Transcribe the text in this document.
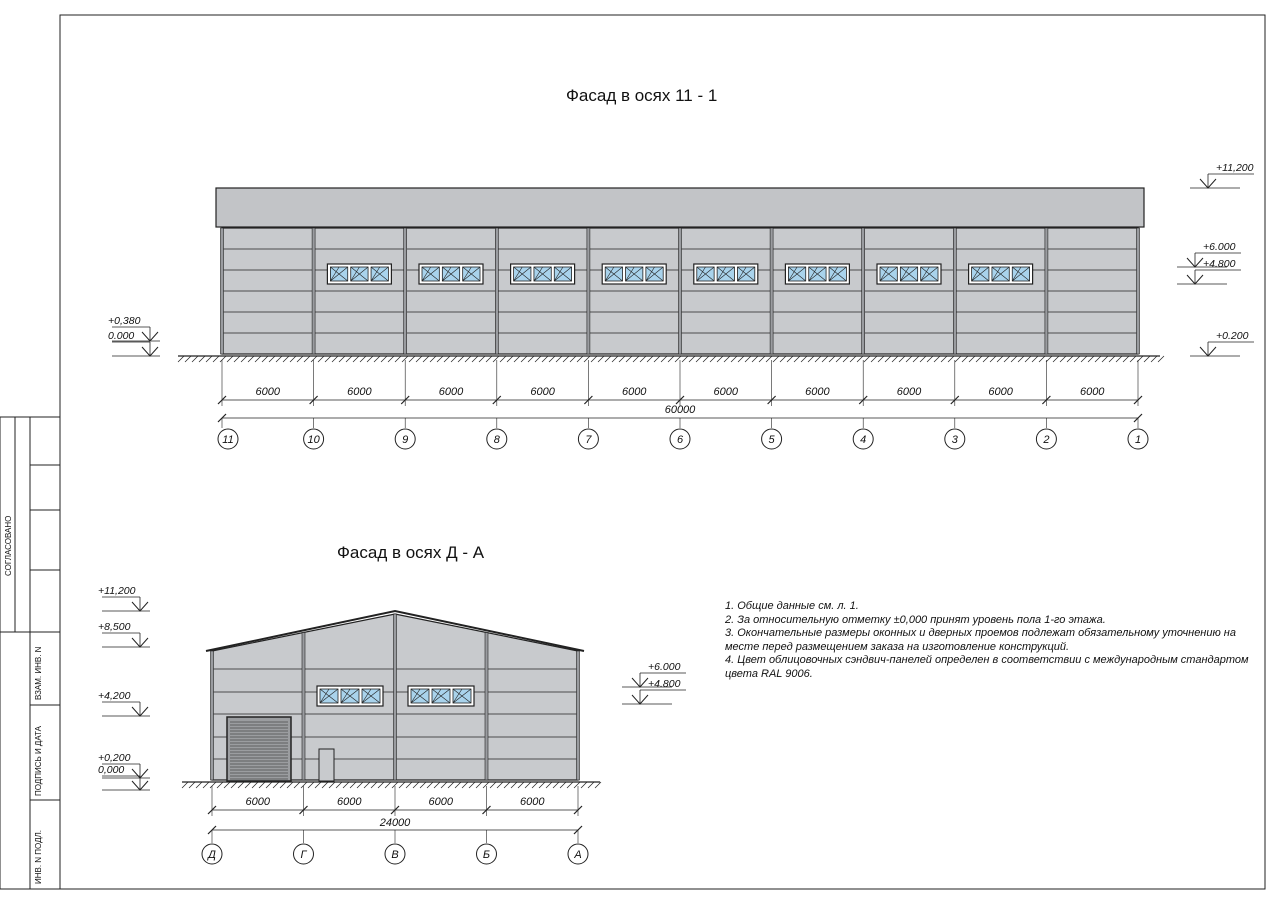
6000	6000	6000	6000	6000	6000	6000	6000	6000	6000
60000
11	10	9	8	7	6	5	4	3	2	1
0.000
+0,380
+11,200
+6.000
+4.800
+0.200
6000	6000	6000	6000
24000
Д	Г	В	Б	А
+11,200
+8,500
+4,200
+0,200
0,000
+6.000
+4.800
Фасад в осях 11 - 1
Фасад в осях Д - А
1. Общие данные см. л. 1.
2. За относительную отметку ±0,000 принят уровень пола 1-го этажа.
3. Окончательные размеры оконных и дверных проемов подлежат обязательному уточнению на месте перед размещением заказа на изготовление конструкций.
4. Цвет облицовочных сэндвич-панелей определен в соответствии с международным стандартом цвета RAL 9006.
СОГЛАСОВАНО
ВЗАМ. ИНВ. N
ПОДПИСЬ И ДАТА
ИНВ. N ПОДЛ.
